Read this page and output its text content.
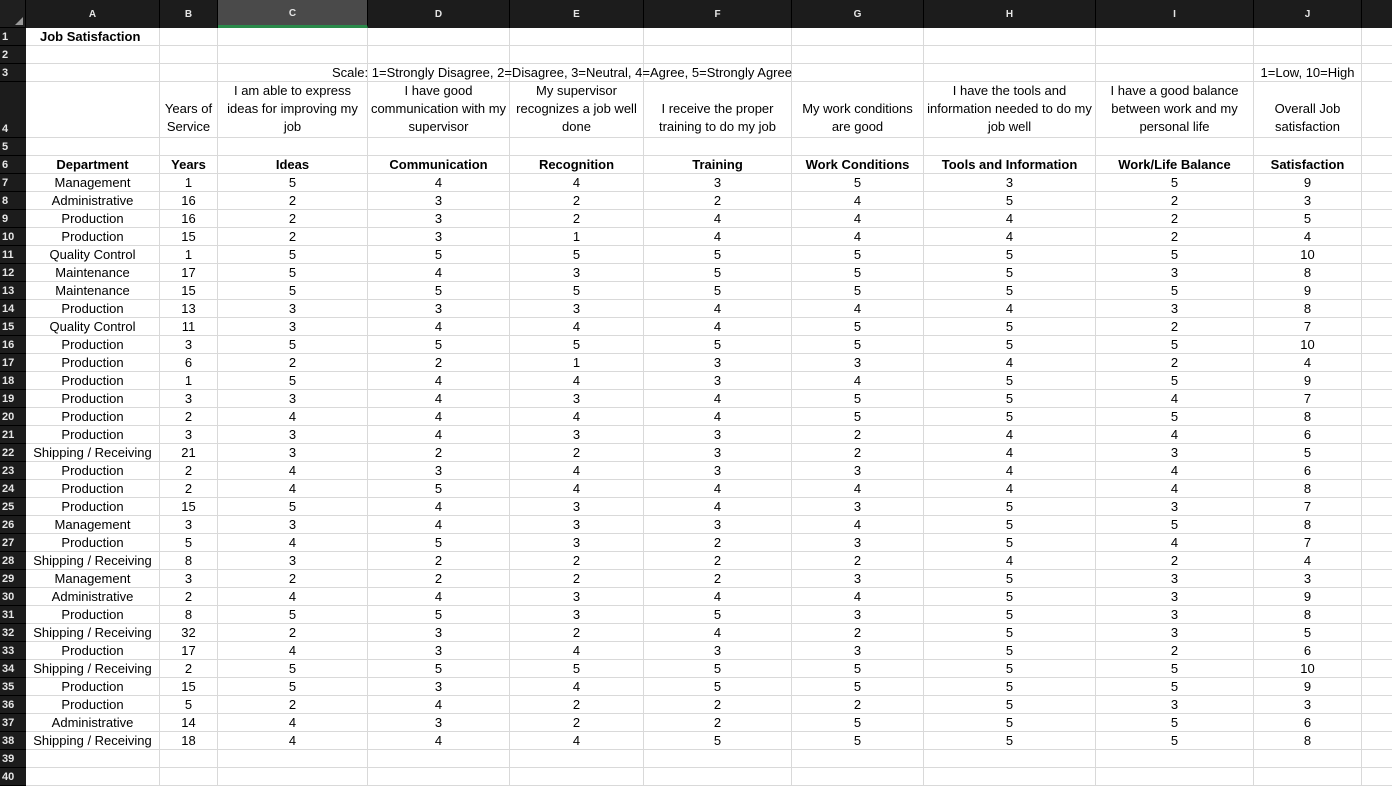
A	B	C	D	E	F	G	H	I	J
1
2
3
4
5
6
7
8
9
10
11
12
13
14
15
16
17
18
19
20
21
22
23
24
25
26
27
28
29
30
31
32
33
34
35
36
37
38
39
40
Job Satisfaction
1=Low, 10=High
Years of Service
I am able to express ideas for improving my job
I have good communication with my supervisor
My supervisor recognizes a job well done
I receive the proper training to do my job
My work conditions are good
I have the tools and information needed to do my job well
I have a good balance between work and my personal life
Overall Job satisfaction
Department	Years	Ideas	Communication	Recognition	Training	Work Conditions	Tools and Information	Work/Life Balance	Satisfaction
Management	1	5	4	4	3	5	3	5	9
Administrative	16	2	3	2	2	4	5	2	3
Production	16	2	3	2	4	4	4	2	5
Production	15	2	3	1	4	4	4	2	4
Quality Control	1	5	5	5	5	5	5	5	10
Maintenance	17	5	4	3	5	5	5	3	8
Maintenance	15	5	5	5	5	5	5	5	9
Production	13	3	3	3	4	4	4	3	8
Quality Control	11	3	4	4	4	5	5	2	7
Production	3	5	5	5	5	5	5	5	10
Production	6	2	2	1	3	3	4	2	4
Production	1	5	4	4	3	4	5	5	9
Production	3	3	4	3	4	5	5	4	7
Production	2	4	4	4	4	5	5	5	8
Production	3	3	4	3	3	2	4	4	6
Shipping / Receiving	21	3	2	2	3	2	4	3	5
Production	2	4	3	4	3	3	4	4	6
Production	2	4	5	4	4	4	4	4	8
Production	15	5	4	3	4	3	5	3	7
Management	3	3	4	3	3	4	5	5	8
Production	5	4	5	3	2	3	5	4	7
Shipping / Receiving	8	3	2	2	2	2	4	2	4
Management	3	2	2	2	2	3	5	3	3
Administrative	2	4	4	3	4	4	5	3	9
Production	8	5	5	3	5	3	5	3	8
Shipping / Receiving	32	2	3	2	4	2	5	3	5
Production	17	4	3	4	3	3	5	2	6
Shipping / Receiving	2	5	5	5	5	5	5	5	10
Production	15	5	3	4	5	5	5	5	9
Production	5	2	4	2	2	2	5	3	3
Administrative	14	4	3	2	2	5	5	5	6
Shipping / Receiving	18	4	4	4	5	5	5	5	8
Scale: 1=Strongly Disagree, 2=Disagree, 3=Neutral, 4=Agree, 5=Strongly Agree
